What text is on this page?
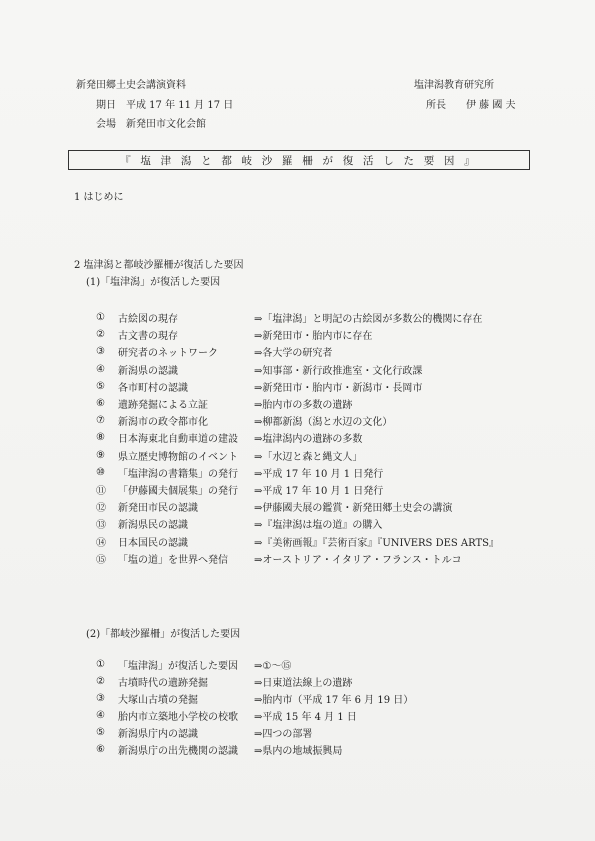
新発田郷土史会講演資料
期日　平成 17 年 11 月 17 日
会場　新発田市文化会館
塩津潟教育研究所
所長　　伊 藤 國 夫
『 塩 津 潟 と 都 岐 沙 羅 柵 が 復 活 し た 要 因 』
1 はじめに
2 塩津潟と都岐沙羅柵が復活した要因
(1)「塩津潟」が復活した要因
①	古絵図の現存	⇒「塩津潟」と明記の古絵図が多数公的機関に存在
②	古文書の現存	⇒新発田市・胎内市に存在
③	研究者のネットワーク	⇒各大学の研究者
④	新潟県の認識	⇒知事部・新行政推進室・文化行政課
⑤	各市町村の認識	⇒新発田市・胎内市・新潟市・長岡市
⑥	遺跡発掘による立証	⇒胎内市の多数の遺跡
⑦	新潟市の政令都市化	⇒柳都新潟（潟と水辺の文化）
⑧	日本海東北自動車道の建設	⇒塩津潟内の遺跡の多数
⑨	県立歴史博物館のイベント	⇒「水辺と森と縄文人」
⑩	「塩津潟の書籍集」の発行	⇒平成 17 年 10 月 1 日発行
⑪	「伊藤國夫個展集」の発行	⇒平成 17 年 10 月 1 日発行
⑫	新発田市民の認識	⇒伊藤國夫展の鑑賞・新発田郷土史会の講演
⑬	新潟県民の認識	⇒『塩津潟は塩の道』の購入
⑭	日本国民の認識	⇒『美術画報』『芸術百家』『UNIVERS DES ARTS』
⑮	「塩の道」を世界へ発信	⇒オーストリア・イタリア・フランス・トルコ
(2)「都岐沙羅柵」が復活した要因
①	「塩津潟」が復活した要因	⇒①〜⑮
②	古墳時代の遺跡発掘	⇒日東道法線上の遺跡
③	大塚山古墳の発掘	⇒胎内市（平成 17 年 6 月 19 日）
④	胎内市立築地小学校の校歌	⇒平成 15 年 4 月 1 日
⑤	新潟県庁内の認識	⇒四つの部署
⑥	新潟県庁の出先機関の認識	⇒県内の地域振興局
